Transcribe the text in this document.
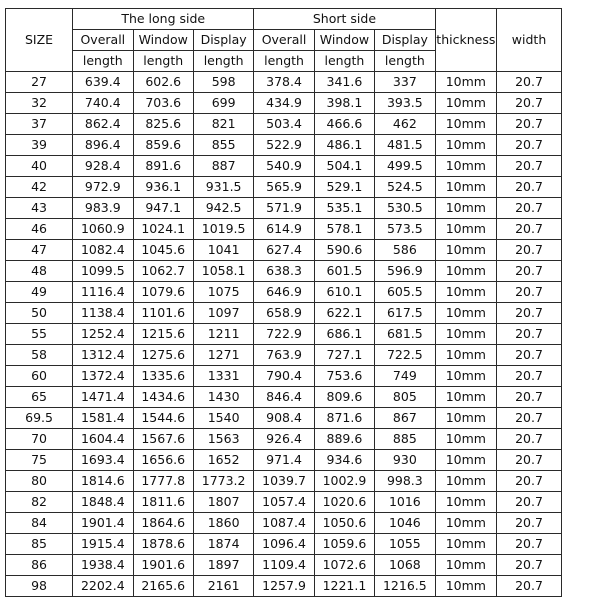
SIZE	The long side			Short side			thickness	width
	Overall	Window	Display	Overall	Window	Display		
	length	length	length	length	length	length		
27	639.4	602.6	598	378.4	341.6	337	10mm	20.7
32	740.4	703.6	699	434.9	398.1	393.5	10mm	20.7
37	862.4	825.6	821	503.4	466.6	462	10mm	20.7
39	896.4	859.6	855	522.9	486.1	481.5	10mm	20.7
40	928.4	891.6	887	540.9	504.1	499.5	10mm	20.7
42	972.9	936.1	931.5	565.9	529.1	524.5	10mm	20.7
43	983.9	947.1	942.5	571.9	535.1	530.5	10mm	20.7
46	1060.9	1024.1	1019.5	614.9	578.1	573.5	10mm	20.7
47	1082.4	1045.6	1041	627.4	590.6	586	10mm	20.7
48	1099.5	1062.7	1058.1	638.3	601.5	596.9	10mm	20.7
49	1116.4	1079.6	1075	646.9	610.1	605.5	10mm	20.7
50	1138.4	1101.6	1097	658.9	622.1	617.5	10mm	20.7
55	1252.4	1215.6	1211	722.9	686.1	681.5	10mm	20.7
58	1312.4	1275.6	1271	763.9	727.1	722.5	10mm	20.7
60	1372.4	1335.6	1331	790.4	753.6	749	10mm	20.7
65	1471.4	1434.6	1430	846.4	809.6	805	10mm	20.7
69.5	1581.4	1544.6	1540	908.4	871.6	867	10mm	20.7
70	1604.4	1567.6	1563	926.4	889.6	885	10mm	20.7
75	1693.4	1656.6	1652	971.4	934.6	930	10mm	20.7
80	1814.6	1777.8	1773.2	1039.7	1002.9	998.3	10mm	20.7
82	1848.4	1811.6	1807	1057.4	1020.6	1016	10mm	20.7
84	1901.4	1864.6	1860	1087.4	1050.6	1046	10mm	20.7
85	1915.4	1878.6	1874	1096.4	1059.6	1055	10mm	20.7
86	1938.4	1901.6	1897	1109.4	1072.6	1068	10mm	20.7
98	2202.4	2165.6	2161	1257.9	1221.1	1216.5	10mm	20.7
